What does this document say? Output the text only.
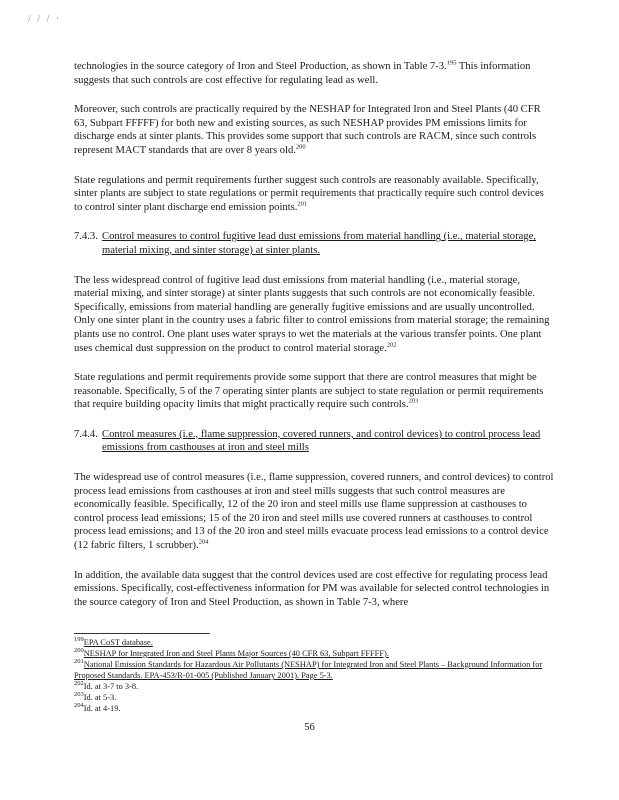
/ / / ·

technologies in the source category of Iron and Steel Production, as shown in Table 7-3.$^{195}$ This information suggests that such controls are cost effective for regulating lead as well.

Moreover, such controls are practically required by the NESHAP for Integrated Iron and Steel Plants (40 CFR 63, Subpart FFFFF) for both new and existing sources, as such NESHAP provides PM emissions limits for discharge ends at sinter plants. This provides some support that such controls are RACM, since such controls represent MACT standards that are over 8 years old.$^{200}$

State regulations and permit requirements further suggest such controls are reasonably available. Specifically, sinter plants are subject to state regulations or permit requirements that practically require such control devices to control sinter plant discharge end emission points.$^{201}$

7.4.3. Control measures to control fugitive lead dust emissions from material handling (i.e., material storage, material mixing, and sinter storage) at sinter plants.

The less widespread control of fugitive lead dust emissions from material handling (i.e., material storage, material mixing, and sinter storage) at sinter plants suggests that such controls are not economically feasible. Specifically, emissions from material handling are generally fugitive emissions and are usually uncontrolled. Only one sinter plant in the country uses a fabric filter to control emissions from material storage; the remaining plants use no control. One plant uses water sprays to wet the materials at the various transfer points. One plant uses chemical dust suppression on the product to control material storage.$^{202}$

State regulations and permit requirements provide some support that there are control measures that might be reasonable. Specifically, 5 of the 7 operating sinter plants are subject to state regulation or permit requirements that require building opacity limits that might practically require such controls.$^{203}$

7.4.4. Control measures (i.e., flame suppression, covered runners, and control devices) to control process lead emissions from casthouses at iron and steel mills

The widespread use of control measures (i.e., flame suppression, covered runners, and control devices) to control process lead emissions from casthouses at iron and steel mills suggests that such control measures are economically feasible. Specifically, 12 of the 20 iron and steel mills use flame suppression at casthouses to control process lead emissions; 15 of the 20 iron and steel mills use covered runners at casthouses to control process lead emissions; and 13 of the 20 iron and steel mills evacuate process lead emissions to a control device (12 fabric filters, 1 scrubber).$^{204}$

In addition, the available data suggest that the control devices used are cost effective for regulating process lead emissions. Specifically, cost-effectiveness information for PM was available for selected control technologies in the source category of Iron and Steel Production, as shown in Table 7-3, where

$^{199}$EPA CoST database.
$^{200}$NESHAP for Integrated Iron and Steel Plants Major Sources (40 CFR 63, Subpart FFFFF).
$^{201}$National Emission Standards for Hazardous Air Pollutants (NESHAP) for Integrated Iron and Steel Plants – Background Information for Proposed Standards. EPA-453/R-01-005 (Published January 2001). Page 5-3.
$^{202}$Id. at 3-7 to 3-8.
$^{203}$Id. at 5-3.
$^{204}$Id. at 4-19.
56
